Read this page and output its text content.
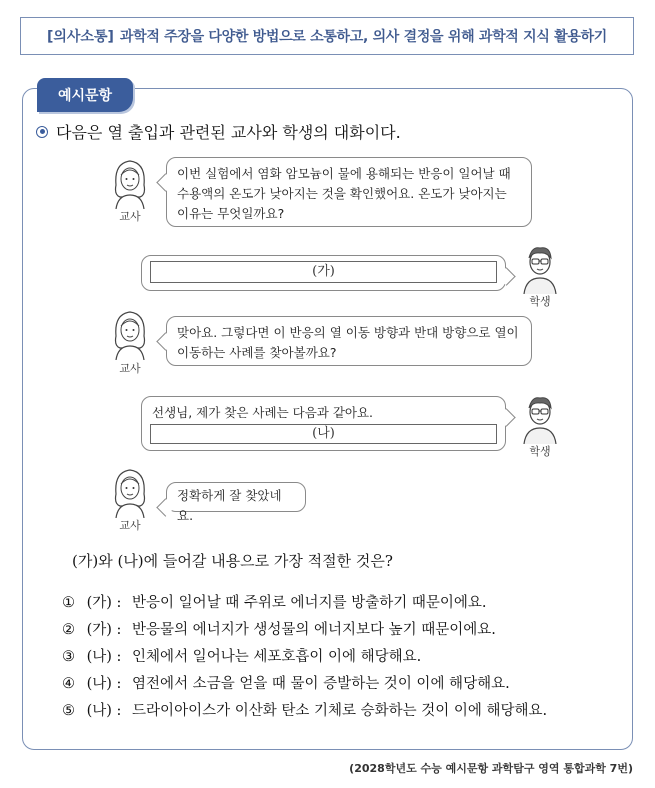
[의사소통] 과학적 주장을 다양한 방법으로 소통하고, 의사 결정을 위해 과학적 지식 활용하기
예시문항
다음은 열 출입과 관련된 교사와 학생의 대화이다.
교사
이번 실험에서 염화 암모늄이 물에 용해되는 반응이 일어날 때 수용액의 온도가 낮아지는 것을 확인했어요. 온도가 낮아지는 이유는 무엇일까요?
(가)
학생
교사
맞아요. 그렇다면 이 반응의 열 이동 방향과 반대 방향으로 열이 이동하는 사례를 찾아볼까요?
선생님, 제가 찾은 사례는 다음과 같아요.
(나)
학생
교사
정확하게 잘 찾았네요.
(가)와 (나)에 들어갈 내용으로 가장 적절한 것은?
① (가) : 반응이 일어날 때 주위로 에너지를 방출하기 때문이에요.
② (가) : 반응물의 에너지가 생성물의 에너지보다 높기 때문이에요.
③ (나) : 인체에서 일어나는 세포호흡이 이에 해당해요.
④ (나) : 염전에서 소금을 얻을 때 물이 증발하는 것이 이에 해당해요.
⑤ (나) : 드라이아이스가 이산화 탄소 기체로 승화하는 것이 이에 해당해요.
(2028학년도 수능 예시문항 과학탐구 영역 통합과학 7번)
